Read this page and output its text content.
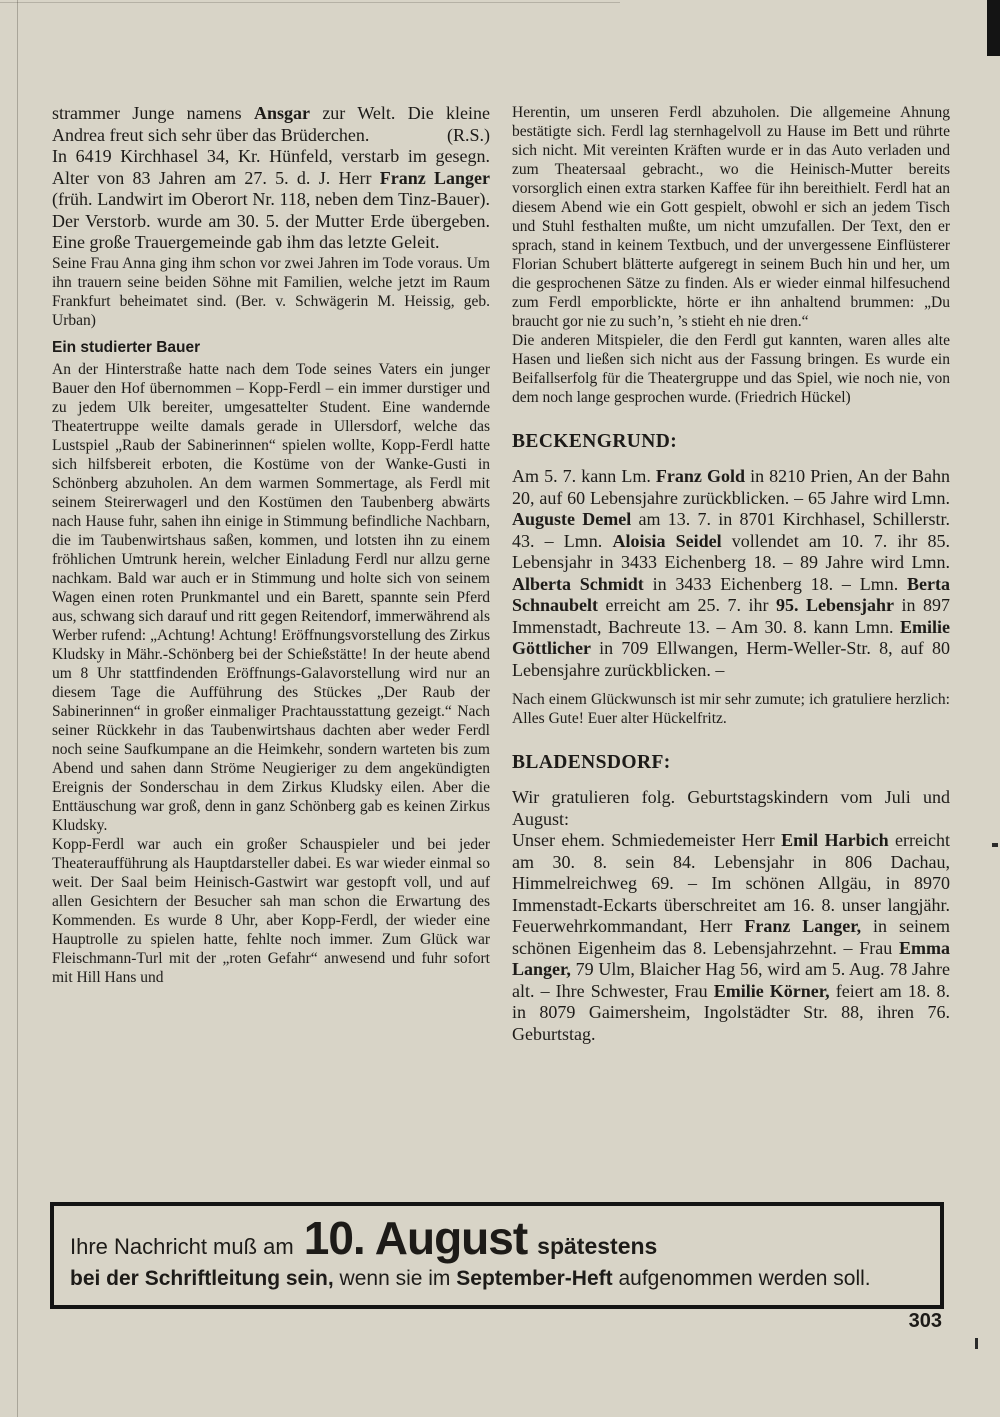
strammer Junge namens Ansgar zur Welt. Die kleine Andrea freut sich sehr über das Brüderchen.	(R.S.)

In 6419 Kirchhasel 34, Kr. Hünfeld, verstarb im gesegn. Alter von 83 Jahren am 27. 5. d. J. Herr Franz Langer (früh. Landwirt im Oberort Nr. 118, neben dem Tinz-Bauer). Der Verstorb. wurde am 30. 5. der Mutter Erde übergeben. Eine große Trauergemeinde gab ihm das letzte Geleit.

Seine Frau Anna ging ihm schon vor zwei Jahren im Tode voraus. Um ihn trauern seine beiden Söhne mit Familien, welche jetzt im Raum Frankfurt beheimatet sind. (Ber. v. Schwägerin M. Heissig, geb. Urban)

Ein studierter Bauer

An der Hinterstraße hatte nach dem Tode seines Vaters ein junger Bauer den Hof übernommen – Kopp-Ferdl – ein immer durstiger und zu jedem Ulk bereiter, umgesattelter Student. Eine wandernde Theatertruppe weilte damals gerade in Ullersdorf, welche das Lustspiel „Raub der Sabinerinnen“ spielen wollte, Kopp-Ferdl hatte sich hilfsbereit erboten, die Kostüme von der Wanke-Gusti in Schönberg abzuholen. An dem warmen Sommertage, als Ferdl mit seinem Steirerwagerl und den Kostümen den Taubenberg abwärts nach Hause fuhr, sahen ihn einige in Stimmung befindliche Nachbarn, die im Taubenwirtshaus saßen, kommen, und lotsten ihn zu einem fröhlichen Umtrunk herein, welcher Einladung Ferdl nur allzu gerne nachkam. Bald war auch er in Stimmung und holte sich von seinem Wagen einen roten Prunkmantel und ein Barett, spannte sein Pferd aus, schwang sich darauf und ritt gegen Reitendorf, immerwährend als Werber rufend: „Achtung! Achtung! Eröffnungsvorstellung des Zirkus Kludsky in Mähr.-Schönberg bei der Schießstätte! In der heute abend um 8 Uhr stattfindenden Eröffnungs-Galavorstellung wird nur an diesem Tage die Aufführung des Stückes „Der Raub der Sabinerinnen“ in großer einmaliger Prachtausstattung gezeigt.“ Nach seiner Rückkehr in das Taubenwirtshaus dachten aber weder Ferdl noch seine Saufkumpane an die Heimkehr, sondern warteten bis zum Abend und sahen dann Ströme Neugieriger zu dem angekündigten Ereignis der Sonderschau in dem Zirkus Kludsky eilen. Aber die Enttäuschung war groß, denn in ganz Schönberg gab es keinen Zirkus Kludsky.

Kopp-Ferdl war auch ein großer Schauspieler und bei jeder Theateraufführung als Hauptdarsteller dabei. Es war wieder einmal so weit. Der Saal beim Heinisch-Gastwirt war gestopft voll, und auf allen Gesichtern der Besucher sah man schon die Erwartung des Kommenden. Es wurde 8 Uhr, aber Kopp-Ferdl, der wieder eine Hauptrolle zu spielen hatte, fehlte noch immer. Zum Glück war Fleischmann-Turl mit der „roten Gefahr“ anwesend und fuhr sofort mit Hill Hans und

Herentin, um unseren Ferdl abzuholen. Die allgemeine Ahnung bestätigte sich. Ferdl lag sternhagelvoll zu Hause im Bett und rührte sich nicht. Mit vereinten Kräften wurde er in das Auto verladen und zum Theatersaal gebracht., wo die Heinisch-Mutter bereits vorsorglich einen extra starken Kaffee für ihn bereithielt. Ferdl hat an diesem Abend wie ein Gott gespielt, obwohl er sich an jedem Tisch und Stuhl festhalten mußte, um nicht umzufallen. Der Text, den er sprach, stand in keinem Textbuch, und der unvergessene Einflüsterer Florian Schubert blätterte aufgeregt in seinem Buch hin und her, um die gesprochenen Sätze zu finden. Als er wieder einmal hilfesuchend zum Ferdl emporblickte, hörte er ihn anhaltend brummen: „Du braucht gor nie zu such’n, ’s stieht eh nie dren.“

Die anderen Mitspieler, die den Ferdl gut kannten, waren alles alte Hasen und ließen sich nicht aus der Fassung bringen. Es wurde ein Beifallserfolg für die Theatergruppe und das Spiel, wie noch nie, von dem noch lange gesprochen wurde. (Friedrich Hückel)

BECKENGRUND:

Am 5. 7. kann Lm. Franz Gold in 8210 Prien, An der Bahn 20, auf 60 Lebensjahre zurückblicken. – 65 Jahre wird Lmn. Auguste Demel am 13. 7. in 8701 Kirchhasel, Schillerstr. 43. – Lmn. Aloisia Seidel vollendet am 10. 7. ihr 85. Lebensjahr in 3433 Eichenberg 18. – 89 Jahre wird Lmn. Alberta Schmidt in 3433 Eichenberg 18. – Lmn. Berta Schnaubelt erreicht am 25. 7. ihr 95. Lebensjahr in 897 Immenstadt, Bachreute 13. – Am 30. 8. kann Lmn. Emilie Göttlicher in 709 Ellwangen, Herm-Weller-Str. 8, auf 80 Lebensjahre zurückblicken. –

Nach einem Glückwunsch ist mir sehr zumute; ich gratuliere herzlich: Alles Gute! Euer alter Hückelfritz.

BLADENSDORF:

Wir gratulieren folg. Geburtstagskindern vom Juli und August:

Unser ehem. Schmiedemeister Herr Emil Harbich erreicht am 30. 8. sein 84. Lebensjahr in 806 Dachau, Himmelreichweg 69. – Im schönen Allgäu, in 8970 Immenstadt-Eckarts überschreitet am 16. 8. unser langjähr. Feuerwehrkommandant, Herr Franz Langer, in seinem schönen Eigenheim das 8. Lebensjahrzehnt. – Frau Emma Langer, 79 Ulm, Blaicher Hag 56, wird am 5. Aug. 78 Jahre alt. – Ihre Schwester, Frau Emilie Körner, feiert am 18. 8. in 8079 Gaimersheim, Ingolstädter Str. 88, ihren 76. Geburtstag.

Ihre Nachricht muß am 10. August spätestens
bei der Schriftleitung sein, wenn sie im September-Heft aufgenommen werden soll.
303
